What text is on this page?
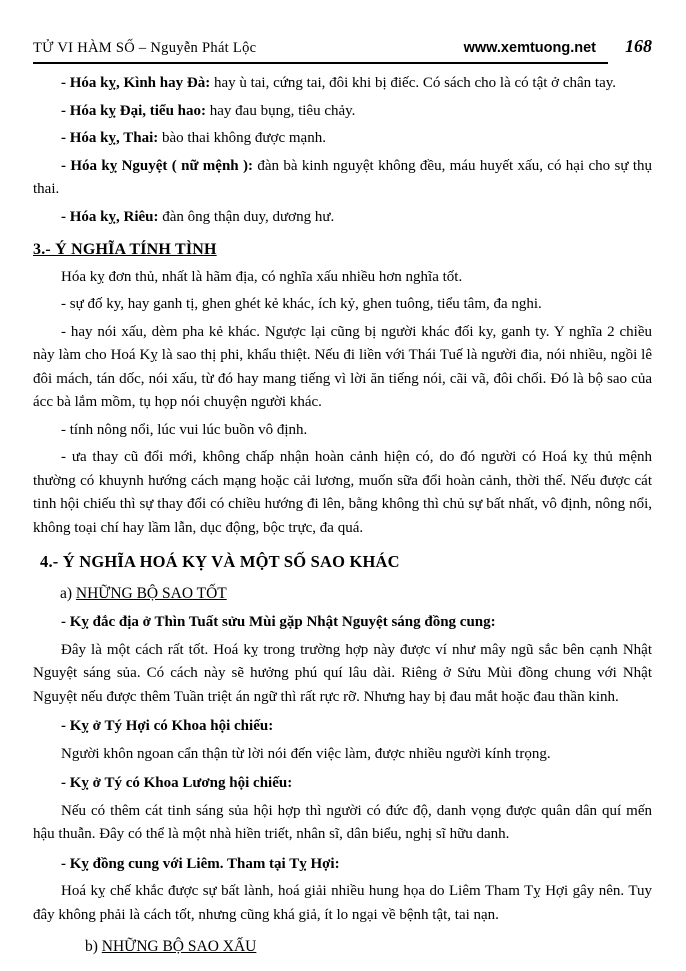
TỬ VI HÀM SỐ – Nguyễn Phát Lộc	www.xemtuong.net	168

- Hóa kỵ, Kình hay Đà: hay ù tai, cứng tai, đôi khi bị điếc. Có sách cho là có tật ở chân tay.

- Hóa kỵ Đại, tiểu hao: hay đau bụng, tiêu chảy.

- Hóa kỵ, Thai: bào thai không được mạnh.

- Hóa kỵ Nguyệt ( nữ mệnh ): đàn bà kinh nguyệt không đều, máu huyết xấu, có hại cho sự thụ thai.

- Hóa kỵ, Riêu: đàn ông thận duy, dương hư.

3.- Ý NGHĨA TÍNH TÌNH

Hóa kỵ đơn thủ, nhất là hãm địa, có nghĩa xấu nhiều hơn nghĩa tốt.

- sự đố ky, hay ganh tị, ghen ghét kẻ khác, ích kỷ, ghen tuông, tiểu tâm, đa nghi.

- hay nói xấu, dèm pha kẻ khác. Ngược lại cũng bị người khác đối ky, ganh ty. Y nghĩa 2 chiều này làm cho Hoá Kỵ là sao thị phi, khẩu thiệt. Nếu đi liền với Thái Tuế là người đia, nói nhiều, ngồi lê đôi mách, tán dốc, nói xấu, từ đó hay mang tiếng vì lời ăn tiếng nói, cãi vã, đôi chối. Đó là bộ sao của ácc bà lắm mồm, tụ họp nói chuyện người khác.

- tính nông nổi, lúc vui lúc buồn vô định.

- ưa thay cũ đổi mới, không chấp nhận hoàn cảnh hiện có, do đó người có Hoá kỵ thủ mệnh thường có khuynh hướng cách mạng hoặc cải lương, muốn sữa đổi hoàn cảnh, thời thế. Nếu được cát tinh hội chiếu thì sự thay đổi có chiều hướng đi lên, bằng không thì chủ sự bất nhất, vô định, nông nổi, không toại chí hay lầm lẫn, dục động, bộc trực, đa quá.

4.- Ý NGHĨA HOÁ KỴ VÀ MỘT SỐ SAO KHÁC

a) NHỮNG BỘ SAO TỐT

- Kỵ đắc địa ở Thìn Tuất sửu Mùi gặp Nhật Nguyệt sáng đồng cung:

Đây là một cách rất tốt. Hoá kỵ trong trường hợp này được ví như mây ngũ sắc bên cạnh Nhật Nguyệt sáng sủa. Có cách này sẽ hưởng phú quí lâu dài. Riêng ở Sửu Mùi đồng chung với Nhật Nguyệt nếu được thêm Tuần triệt án ngữ thì rất rực rỡ. Nhưng hay bị đau mắt hoặc đau thần kinh.

- Kỵ ở Tý Hợi có Khoa hội chiếu:

Người khôn ngoan cẩn thận từ lời nói đến việc làm, được nhiều người kính trọng.

- Kỵ ở Tý có Khoa Lương hội chiếu:

Nếu có thêm cát tinh sáng sủa hội hợp thì người có đức độ, danh vọng được quân dân quí mến hậu thuẫn. Đây có thể là một nhà hiền triết, nhân sĩ, dân biểu, nghị sĩ hữu danh.

- Kỵ đồng cung với Liêm. Tham tại Tỵ Hợi:

Hoá kỵ chế khắc được sự bất lành, hoá giải nhiều hung họa do Liêm Tham Tỵ Hợi gây nên. Tuy đây không phải là cách tốt, nhưng cũng khá giả, ít lo ngại về bệnh tật, tai nạn.

b) NHỮNG BỘ SAO XẤU
